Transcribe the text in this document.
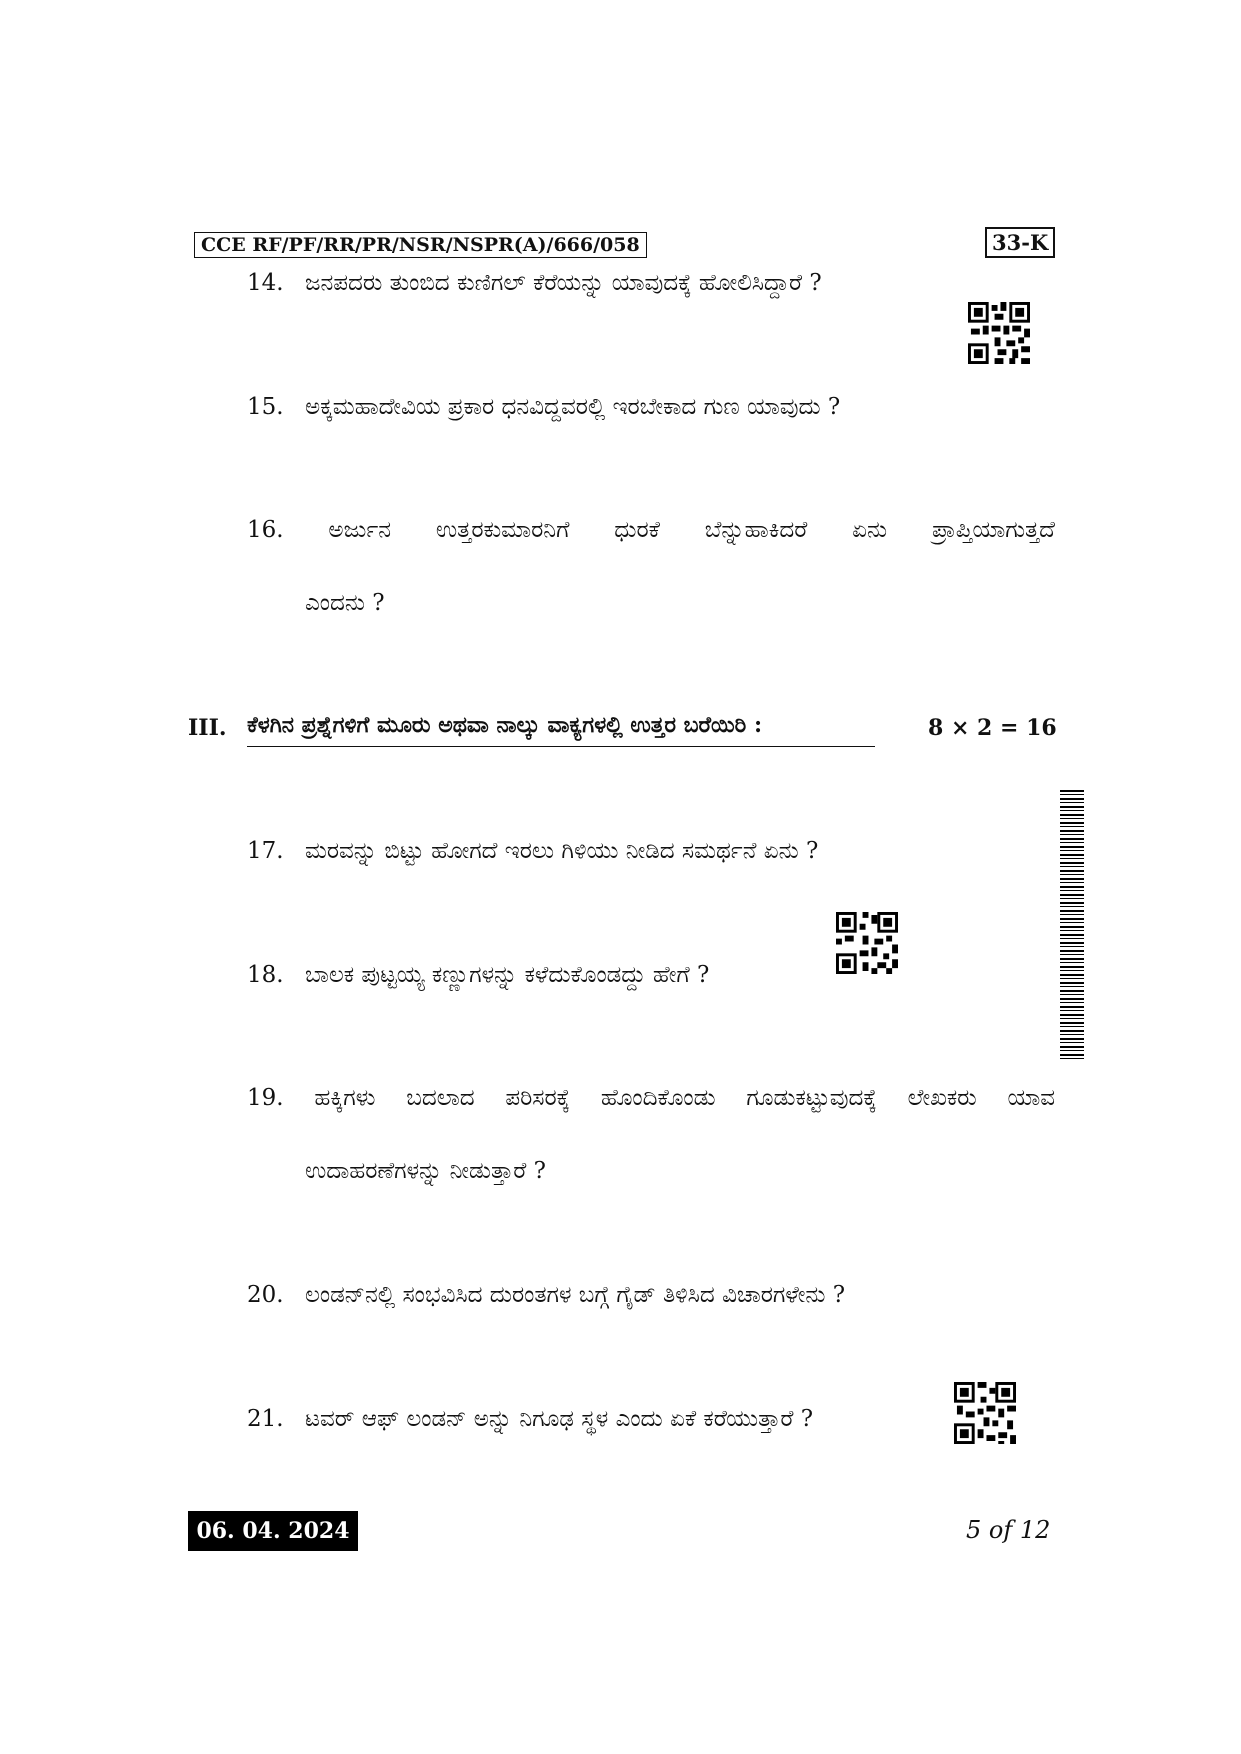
CCE RF/PF/RR/PR/NSR/NSPR(A)/666/058	33-K
14. ಜನಪದರು ತುಂಬಿದ ಕುಣಿಗಲ್ ಕೆರೆಯನ್ನು ಯಾವುದಕ್ಕೆ ಹೋಲಿಸಿದ್ದಾರೆ ?
15. ಅಕ್ಕಮಹಾದೇವಿಯ ಪ್ರಕಾರ ಧನವಿದ್ದವರಲ್ಲಿ ಇರಬೇಕಾದ ಗುಣ ಯಾವುದು ?
16. ಅರ್ಜುನ ಉತ್ತರಕುಮಾರನಿಗೆ ಧುರಕೆ ಬೆನ್ನುಹಾಕಿದರೆ ಏನು ಪ್ರಾಪ್ತಿಯಾಗುತ್ತದೆ
ಎಂದನು ?
III. ಕೆಳಗಿನ ಪ್ರಶ್ನೆಗಳಿಗೆ ಮೂರು ಅಥವಾ ನಾಲ್ಕು ವಾಕ್ಯಗಳಲ್ಲಿ ಉತ್ತರ ಬರೆಯಿರಿ :	8 × 2 = 16
17. ಮರವನ್ನು ಬಿಟ್ಟು ಹೋಗದೆ ಇರಲು ಗಿಳಿಯು ನೀಡಿದ ಸಮರ್ಥನೆ ಏನು ?
18. ಬಾಲಕ ಪುಟ್ಟಯ್ಯ ಕಣ್ಣುಗಳನ್ನು ಕಳೆದುಕೊಂಡದ್ದು ಹೇಗೆ ?
19. ಹಕ್ಕಿಗಳು ಬದಲಾದ ಪರಿಸರಕ್ಕೆ ಹೊಂದಿಕೊಂಡು ಗೂಡುಕಟ್ಟುವುದಕ್ಕೆ ಲೇಖಕರು ಯಾವ
ಉದಾಹರಣೆಗಳನ್ನು ನೀಡುತ್ತಾರೆ ?
20. ಲಂಡನ್‌ನಲ್ಲಿ ಸಂಭವಿಸಿದ ದುರಂತಗಳ ಬಗ್ಗೆ ಗೈಡ್ ತಿಳಿಸಿದ ವಿಚಾರಗಳೇನು ?
21. ಟವರ್ ಆಫ್ ಲಂಡನ್ ಅನ್ನು ನಿಗೂಢ ಸ್ಥಳ ಎಂದು ಏಕೆ ಕರೆಯುತ್ತಾರೆ ?
06. 04. 2024	5 of 12
